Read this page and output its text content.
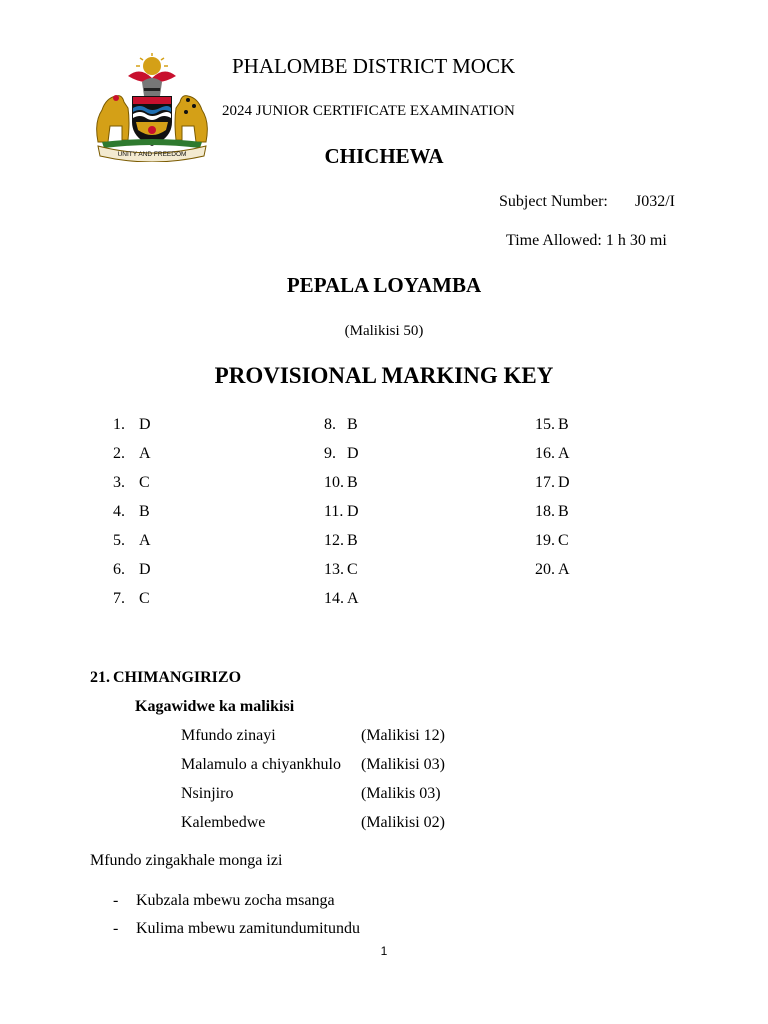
UNITY AND FREEDOM
PHALOMBE DISTRICT MOCK
2024 JUNIOR CERTIFICATE EXAMINATION
CHICHEWA
Subject Number: J032/I
Time Allowed: 1 h 30 mi
PEPALA LOYAMBA
(Malikisi 50)
PROVISIONAL MARKING KEY
1. D
2. A
3. C
4. B
5. A
6. D
7. C
8. B
9. D
10. B
11. D
12. B
13. C
14. A
15. B
16. A
17. D
18. B
19. C
20. A
21. CHIMANGIRIZO
Kagawidwe ka malikisi
Mfundo zinayi	(Malikisi 12)
Malamulo a chiyankhulo (Malikisi 03)
Nsinjiro	(Malikis 03)
Kalembedwe	(Malikisi 02)
Mfundo zingakhale monga izi
- Kubzala mbewu zocha msanga
- Kulima mbewu zamitundumitundu
1
